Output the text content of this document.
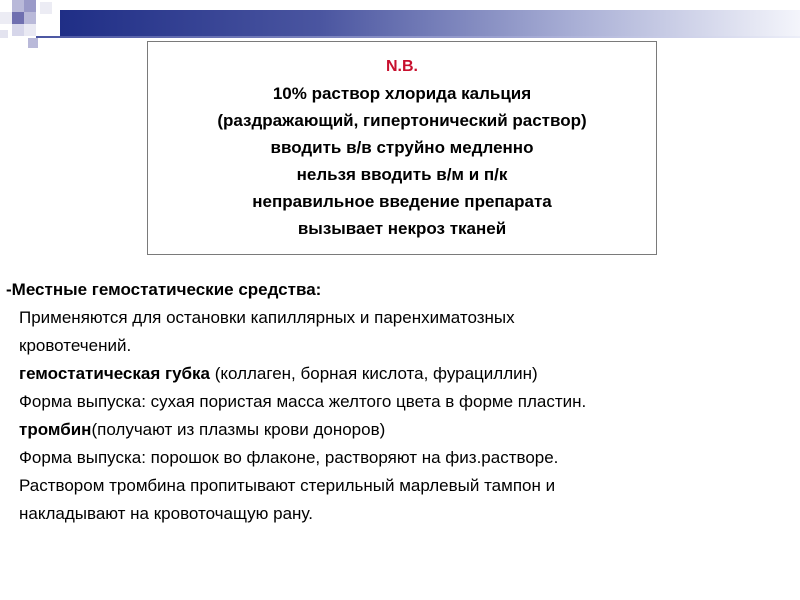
N.B.
10% раствор хлорида кальция
(раздражающий, гипертонический раствор)
вводить в/в струйно медленно
нельзя вводить в/м и п/к
неправильное введение препарата
вызывает некроз тканей
-Местные гемостатические средства:
Применяются для остановки капиллярных и паренхиматозных
кровотечений.
гемостатическая губка (коллаген, борная кислота, фурациллин)
Форма выпуска: сухая пористая масса желтого цвета в форме пластин.
тромбин(получают из плазмы крови доноров)
Форма выпуска: порошок во флаконе, растворяют на физ.растворе.
Раствором тромбина пропитывают стерильный марлевый тампон и
накладывают на кровоточащую рану.
